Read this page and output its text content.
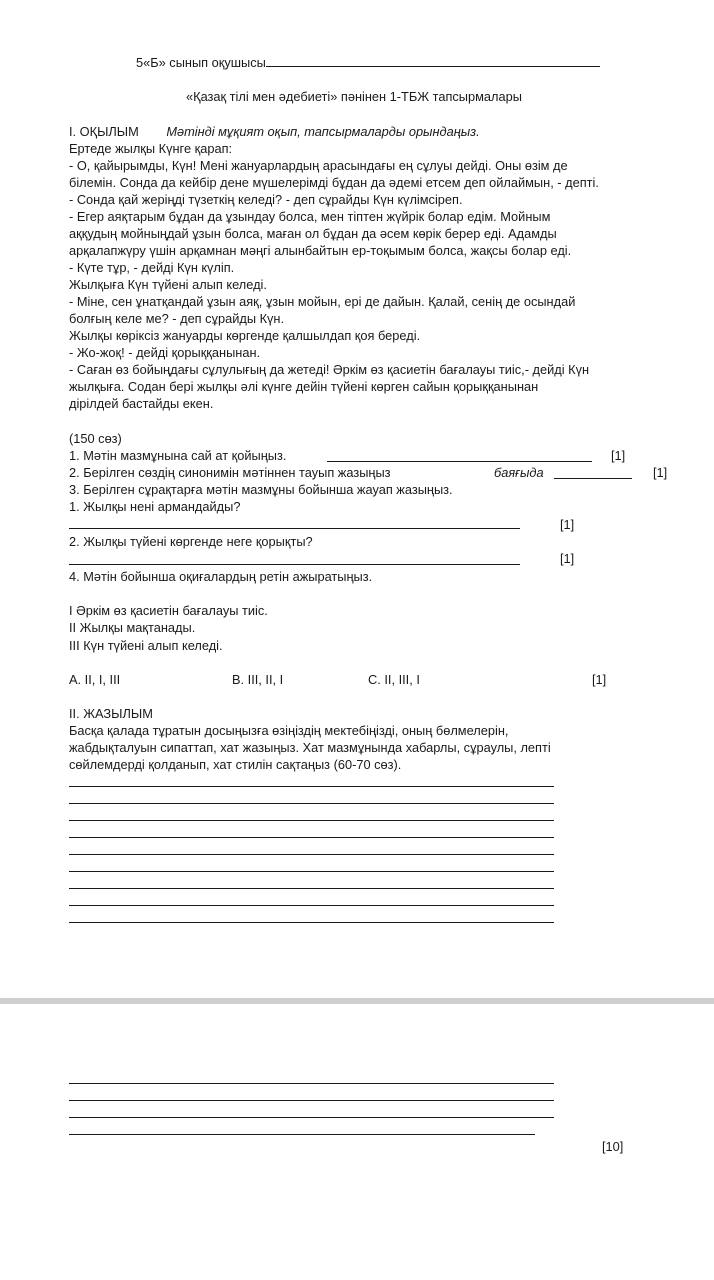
5«Б» сынып оқушысы
«Қазақ тілі мен әдебиеті» пәнінен 1-ТБЖ тапсырмалары
I. ОҚЫЛЫМ Мәтінді мұқият оқып, тапсырмаларды орындаңыз.
Ертеде жылқы Күнге қарап:
- О, қайырымды, Күн! Мені жануарлардың арасындағы ең сұлуы дейді. Оны өзім де
білемін. Сонда да кейбір дене мүшелерімді бұдан да әдемі етсем деп ойлаймын, - депті.
- Сонда қай жеріңді түзеткің келеді? - деп сұрайды Күн күлімсіреп.
- Егер аяқтарым бұдан да ұзындау болса, мен тіптен жүйрік болар едім. Мойным
аққудың мойныңдай ұзын болса, маған ол бұдан да әсем көрік берер еді. Адамды
арқалапжүру үшін арқамнан мәңгі алынбайтын ер-тоқымым болса, жақсы болар еді.
- Күте тұр, - дейді Күн күліп.
Жылқыға Күн түйені алып келеді.
- Міне, сен ұнатқандай ұзын аяқ, ұзын мойын, ері де дайын. Қалай, сенің де осындай
болғың келе ме? - деп сұрайды Күн.
Жылқы көріксіз жануарды көргенде қалшылдап қоя береді.
- Жо-жоқ! - дейді қорыққанынан.
- Саған өз бойыңдағы сұлулығың да жетеді! Әркім өз қасиетін бағалауы тиіс,- дейді Күн
жылқыға. Содан бері жылқы әлі күнге дейін түйені көрген сайын қорыққанынан
дірілдей бастайды екен.
(150 сөз)
1. Мәтін мазмұнына сай ат қойыңыз.	[1]
2. Берілген сөздің синонимін мәтіннен тауып жазыңыз	баяғыда	[1]
3. Берілген сұрақтарға мәтін мазмұны бойынша жауап жазыңыз.
1. Жылқы нені армандайды?
[1]
2. Жылқы түйені көргенде неге қорықты?
[1]
4. Мәтін бойынша оқиғалардың ретін ажыратыңыз.
I Әркім өз қасиетін бағалауы тиіс.
II Жылқы мақтанады.
III Күн түйені алып келеді.
A. II, I, III	B. III, II, I	C. II, III, I	[1]
II. ЖАЗЫЛЫМ
Басқа қалада тұратын досыңызға өзіңіздің мектебіңізді, оның бөлмелерін,
жабдықталуын сипаттап, хат жазыңыз. Хат мазмұнында хабарлы, сұраулы, лепті
сөйлемдерді қолданып, хат стилін сақтаңыз (60-70 сөз).
[10]
